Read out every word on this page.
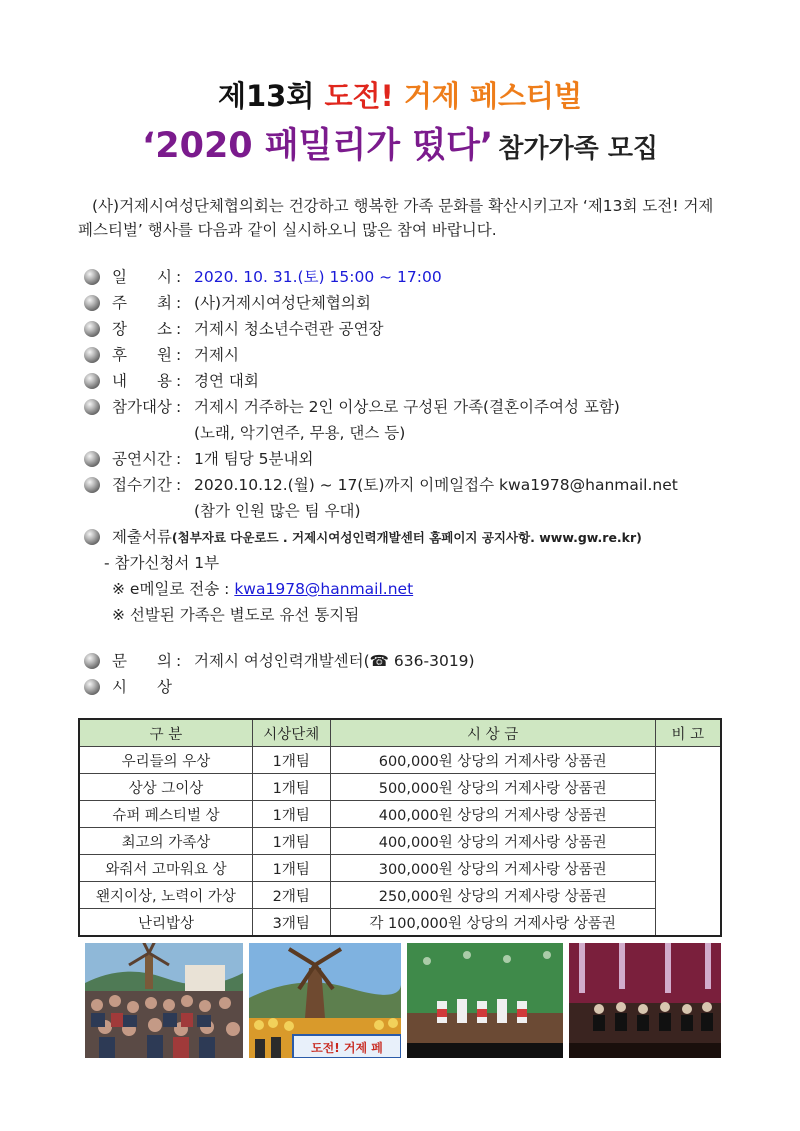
제13회 도전! 거제 페스티벌
‘2020 패밀리가 떴다’ 참가가족 모집
(사)거제시여성단체협의회는 건강하고 행복한 가족 문화를 확산시키고자 ‘제13회 도전! 거제 페스티벌’ 행사를 다음과 같이 실시하오니 많은 참여 바랍니다.
일 시 : 2020. 10. 31.(토) 15:00 ~ 17:00
주 최 : (사)거제시여성단체협의회
장 소 : 거제시 청소년수련관 공연장
후 원 : 거제시
내 용 : 경연 대회
참가대상 : 거제시 거주하는 2인 이상으로 구성된 가족(결혼이주여성 포함)
(노래, 악기연주, 무용, 댄스 등)
공연시간 : 1개 팀당 5분내외
접수기간 : 2020.10.12.(월) ~ 17(토)까지 이메일접수 kwa1978@hanmail.net
(참가 인원 많은 팀 우대)
제출서류(첨부자료 다운로드 . 거제시여성인력개발센터 홈페이지 공지사항. www.gw.re.kr)
- 참가신청서 1부
※ e메일로 전송 : kwa1978@hanmail.net
※ 선발된 가족은 별도로 유선 통지됨
문 의 : 거제시 여성인력개발센터(☎ 636-3019)
시 상
구 분	시상단체	시 상 금	비 고
우리들의 우상	1개팀	600,000원 상당의 거제사랑 상품권	
상상 그이상	1개팀	500,000원 상당의 거제사랑 상품권	
슈퍼 페스티벌 상	1개팀	400,000원 상당의 거제사랑 상품권	
최고의 가족상	1개팀	400,000원 상당의 거제사랑 상품권	
와줘서 고마워요 상	1개팀	300,000원 상당의 거제사랑 상품권	
왠지이상, 노력이 가상	2개팀	250,000원 상당의 거제사랑 상품권	
난리밥상	3개팀	각 100,000원 상당의 거제사랑 상품권	
도전! 거제 페
